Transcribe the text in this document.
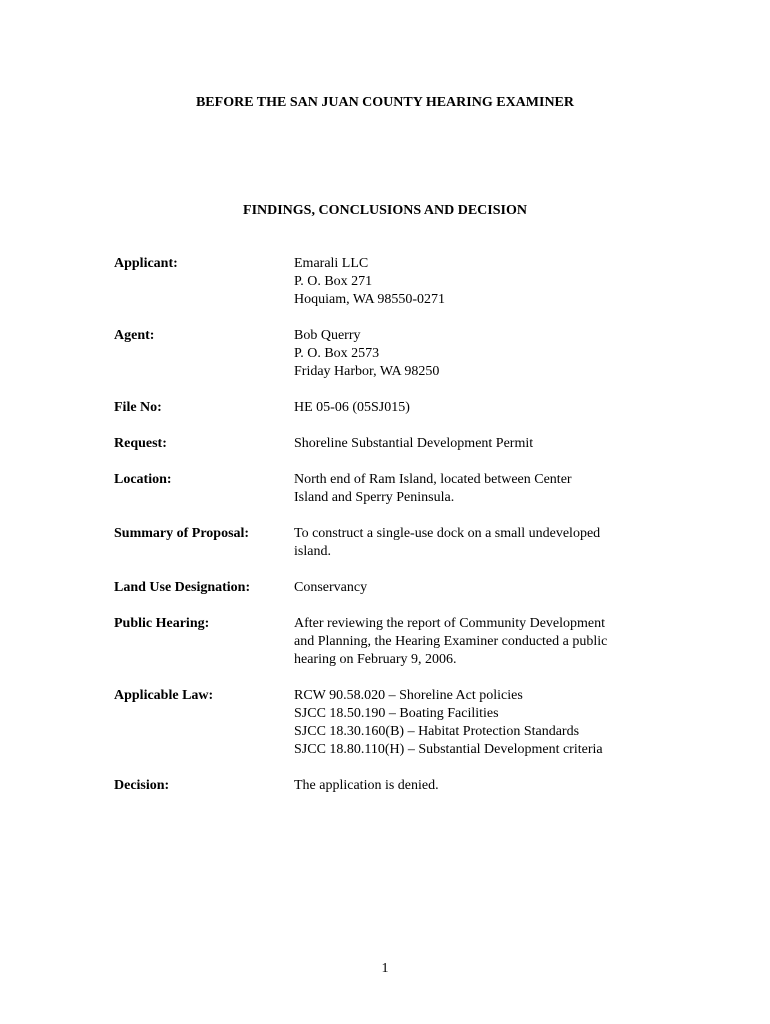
BEFORE THE SAN JUAN COUNTY HEARING EXAMINER
FINDINGS, CONCLUSIONS AND DECISION
Applicant:	Emarali LLC
P. O. Box 271
Hoquiam, WA 98550-0271
Agent:	Bob Querry
P. O. Box 2573
Friday Harbor, WA 98250
File No:	HE 05-06 (05SJ015)
Request:	Shoreline Substantial Development Permit
Location:	North end of Ram Island, located between Center
Island and Sperry Peninsula.
Summary of Proposal:	To construct a single-use dock on a small undeveloped
island.
Land Use Designation:	Conservancy
Public Hearing:	After reviewing the report of Community Development
and Planning, the Hearing Examiner conducted a public
hearing on February 9, 2006.
Applicable Law:	RCW 90.58.020 – Shoreline Act policies
SJCC 18.50.190 – Boating Facilities
SJCC 18.30.160(B) – Habitat Protection Standards
SJCC 18.80.110(H) – Substantial Development criteria
Decision:	The application is denied.
1
